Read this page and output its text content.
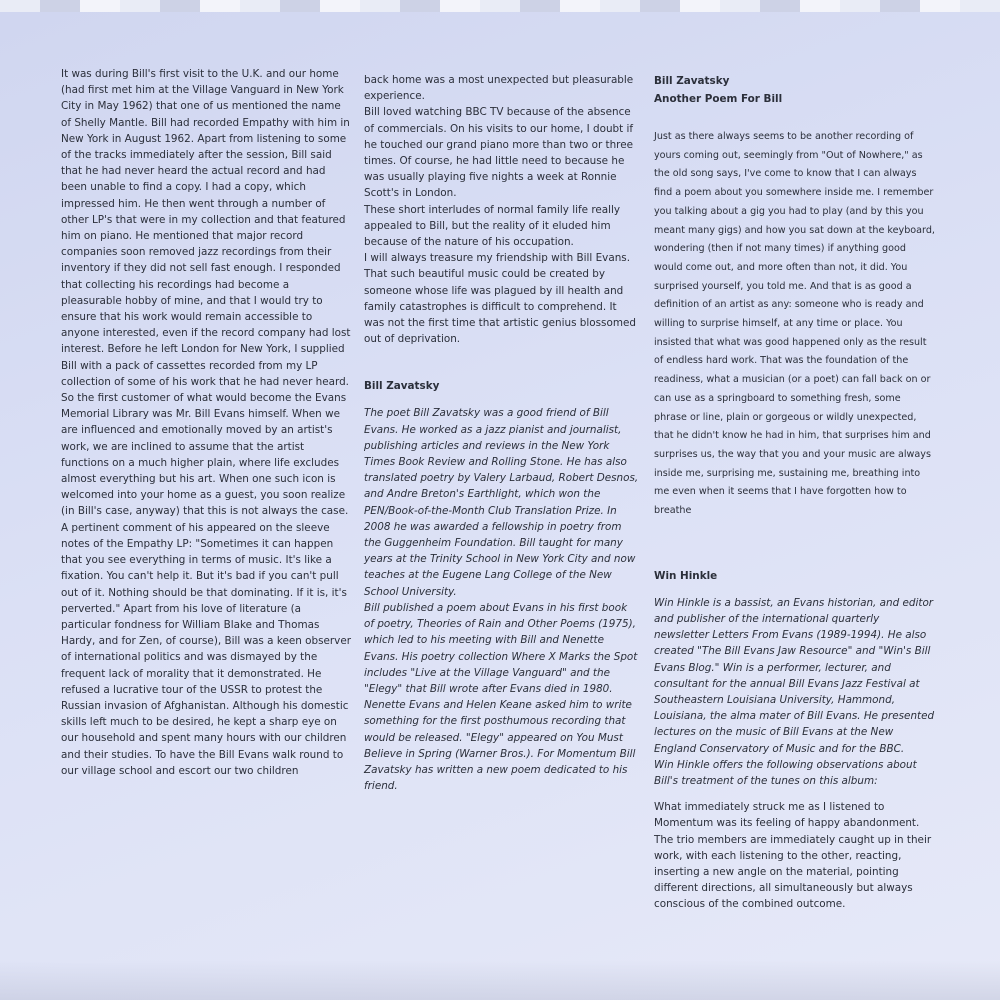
It was during Bill's first visit to the U.K. and our home (had first met him at the Village Vanguard in New York City in May 1962) that one of us mentioned the name of Shelly Mantle. Bill had recorded Empathy with him in New York in August 1962. Apart from listening to some of the tracks immediately after the session, Bill said that he had never heard the actual record and had been unable to find a copy. I had a copy, which impressed him. He then went through a number of other LP's that were in my collection and that featured him on piano. He mentioned that major record companies soon removed jazz recordings from their inventory if they did not sell fast enough. I responded that collecting his recordings had become a pleasurable hobby of mine, and that I would try to ensure that his work would remain accessible to anyone interested, even if the record company had lost interest. Before he left London for New York, I supplied Bill with a pack of cassettes recorded from my LP collection of some of his work that he had never heard. So the first customer of what would become the Evans Memorial Library was Mr. Bill Evans himself. When we are influenced and emotionally moved by an artist's work, we are inclined to assume that the artist functions on a much higher plain, where life excludes almost everything but his art. When one such icon is welcomed into your home as a guest, you soon realize (in Bill's case, anyway) that this is not always the case. A pertinent comment of his appeared on the sleeve notes of the Empathy LP: "Sometimes it can happen that you see everything in terms of music. It's like a fixation. You can't help it. But it's bad if you can't pull out of it. Nothing should be that dominating. If it is, it's perverted." Apart from his love of literature (a particular fondness for William Blake and Thomas Hardy, and for Zen, of course), Bill was a keen observer of international politics and was dismayed by the frequent lack of morality that it demonstrated. He refused a lucrative tour of the USSR to protest the Russian invasion of Afghanistan. Although his domestic skills left much to be desired, he kept a sharp eye on our household and spent many hours with our children and their studies. To have the Bill Evans walk round to our village school and escort our two children

back home was a most unexpected but pleasurable experience.

Bill loved watching BBC TV because of the absence of commercials. On his visits to our home, I doubt if he touched our grand piano more than two or three times. Of course, he had little need to because he was usually playing five nights a week at Ronnie Scott's in London.

These short interludes of normal family life really appealed to Bill, but the reality of it eluded him because of the nature of his occupation.

I will always treasure my friendship with Bill Evans. That such beautiful music could be created by someone whose life was plagued by ill health and family catastrophes is difficult to comprehend. It was not the first time that artistic genius blossomed out of deprivation.

Bill Zavatsky

The poet Bill Zavatsky was a good friend of Bill Evans. He worked as a jazz pianist and journalist, publishing articles and reviews in the New York Times Book Review and Rolling Stone. He has also translated poetry by Valery Larbaud, Robert Desnos, and Andre Breton's Earthlight, which won the PEN/Book-of-the-Month Club Translation Prize. In 2008 he was awarded a fellowship in poetry from the Guggenheim Foundation. Bill taught for many years at the Trinity School in New York City and now teaches at the Eugene Lang College of the New School University.

Bill published a poem about Evans in his first book of poetry, Theories of Rain and Other Poems (1975), which led to his meeting with Bill and Nenette Evans. His poetry collection Where X Marks the Spot includes "Live at the Village Vanguard" and the "Elegy" that Bill wrote after Evans died in 1980. Nenette Evans and Helen Keane asked him to write something for the first posthumous recording that would be released. "Elegy" appeared on You Must Believe in Spring (Warner Bros.). For Momentum Bill Zavatsky has written a new poem dedicated to his friend.

Bill Zavatsky

Another Poem For Bill

Just as there always seems to be another recording of yours coming out, seemingly from "Out of Nowhere," as the old song says, I've come to know that I can always find a poem about you somewhere inside me. I remember you talking about a gig you had to play (and by this you meant many gigs) and how you sat down at the keyboard, wondering (then if not many times) if anything good would come out, and more often than not, it did. You surprised yourself, you told me. And that is as good a definition of an artist as any: someone who is ready and willing to surprise himself, at any time or place. You insisted that what was good happened only as the result of endless hard work. That was the foundation of the readiness, what a musician (or a poet) can fall back on or can use as a springboard to something fresh, some phrase or line, plain or gorgeous or wildly unexpected, that he didn't know he had in him, that surprises him and surprises us, the way that you and your music are always inside me, surprising me, sustaining me, breathing into me even when it seems that I have forgotten how to breathe

Win Hinkle

Win Hinkle is a bassist, an Evans historian, and editor and publisher of the international quarterly newsletter Letters From Evans (1989-1994). He also created "The Bill Evans Jaw Resource" and "Win's Bill Evans Blog." Win is a performer, lecturer, and consultant for the annual Bill Evans Jazz Festival at Southeastern Louisiana University, Hammond, Louisiana, the alma mater of Bill Evans. He presented lectures on the music of Bill Evans at the New England Conservatory of Music and for the BBC.

Win Hinkle offers the following observations about Bill's treatment of the tunes on this album:

What immediately struck me as I listened to Momentum was its feeling of happy abandonment. The trio members are immediately caught up in their work, with each listening to the other, reacting, inserting a new angle on the material, pointing different directions, all simultaneously but always conscious of the combined outcome.
